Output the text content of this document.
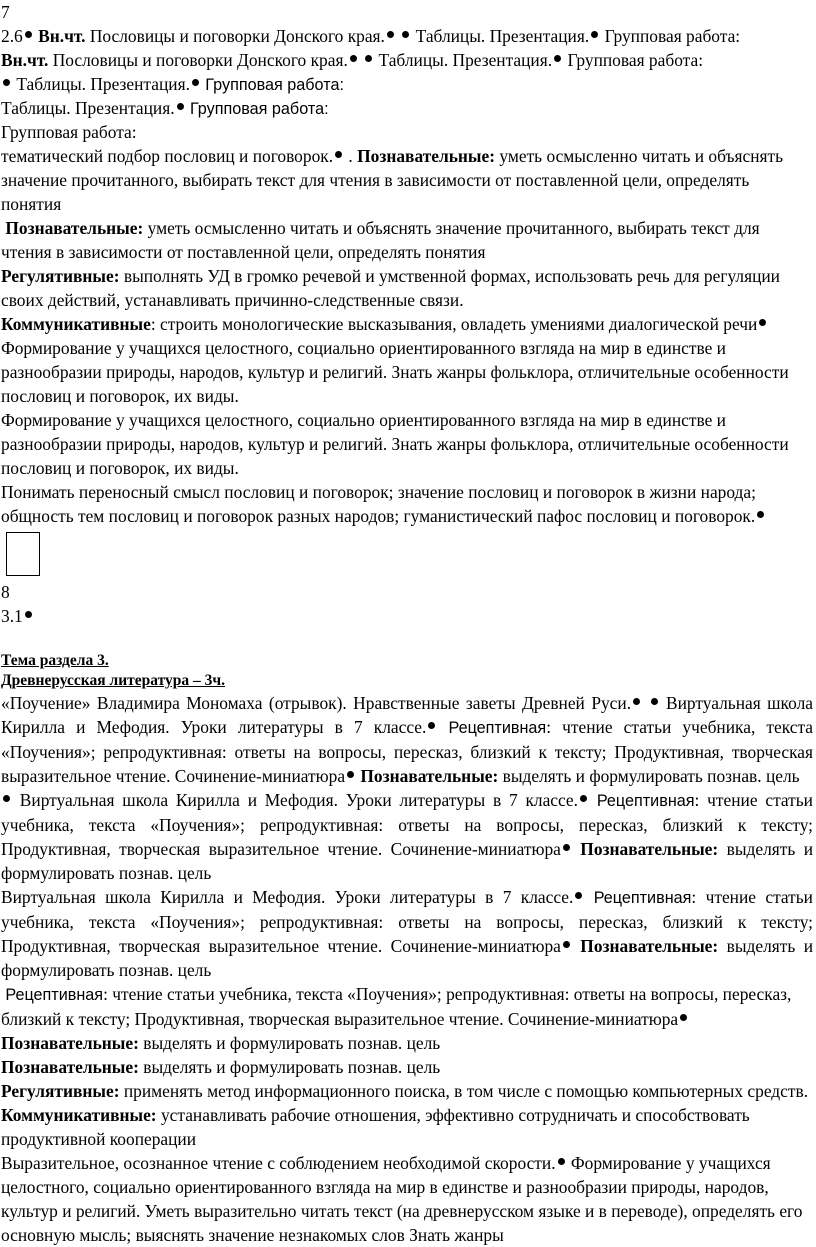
7
2.6 Вн.чт. Пословицы и поговорки Донского края. Таблицы. Презентация. Групповая работа:
Вн.чт. Пословицы и поговорки Донского края. Таблицы. Презентация. Групповая работа:
Таблицы. Презентация. Групповая работа:
Таблицы. Презентация. Групповая работа:
Групповая работа:
тематический подбор пословиц и поговорок. . Познавательные: уметь осмысленно читать и объяснять значение прочитанного, выбирать текст для чтения в зависимости от поставленной цели, определять понятия
Познавательные: уметь осмысленно читать и объяснять значение прочитанного, выбирать текст для чтения в зависимости от поставленной цели, определять понятия
Регулятивные: выполнять УД в громко речевой и умственной формах, использовать речь для регуляции своих действий, устанавливать причинно-следственные связи.
Коммуникативные: строить монологические высказывания, овладеть умениями диалогической речи Формирование у учащихся целостного, социально ориентированного взгляда на мир в единстве и разнообразии природы, народов, культур и религий. Знать жанры фольклора, отличительные особенности пословиц и поговорок, их виды.
Формирование у учащихся целостного, социально ориентированного взгляда на мир в единстве и разнообразии природы, народов, культур и религий. Знать жанры фольклора, отличительные особенности пословиц и поговорок, их виды.
Понимать переносный смысл пословиц и поговорок; значение пословиц и поговорок в жизни народа; общность тем пословиц и поговорок разных народов; гуманистический пафос пословиц и поговорок.
8
3.1
Тема раздела 3.
Древнерусская литература – 3ч.
«Поучение» Владимира Мономаха (отрывок). Нравственные заветы Древней Руси. Виртуальная школа Кирилла и Мефодия. Уроки литературы в 7 классе. Рецептивная: чтение статьи учебника, текста «Поучения»; репродуктивная: ответы на вопросы, пересказ, близкий к тексту; Продуктивная, творческая выразительное чтение. Сочинение-миниатюра Познавательные: выделять и формулировать познав. цель
Виртуальная школа Кирилла и Мефодия. Уроки литературы в 7 классе. Рецептивная: чтение статьи учебника, текста «Поучения»; репродуктивная: ответы на вопросы, пересказ, близкий к тексту; Продуктивная, творческая выразительное чтение. Сочинение-миниатюра Познавательные: выделять и формулировать познав. цель
Виртуальная школа Кирилла и Мефодия. Уроки литературы в 7 классе. Рецептивная: чтение статьи учебника, текста «Поучения»; репродуктивная: ответы на вопросы, пересказ, близкий к тексту; Продуктивная, творческая выразительное чтение. Сочинение-миниатюра Познавательные: выделять и формулировать познав. цель
Рецептивная: чтение статьи учебника, текста «Поучения»; репродуктивная: ответы на вопросы, пересказ, близкий к тексту; Продуктивная, творческая выразительное чтение. Сочинение-миниатюра Познавательные: выделять и формулировать познав. цель
Познавательные: выделять и формулировать познав. цель
Регулятивные: применять метод информационного поиска, в том числе с помощью компьютерных средств.
Коммуникативные: устанавливать рабочие отношения, эффективно сотрудничать и способствовать продуктивной кооперации
Выразительное, осознанное чтение с соблюдением необходимой скорости. Формирование у учащихся целостного, социально ориентированного взгляда на мир в единстве и разнообразии природы, народов, культур и религий. Уметь выразительно читать текст (на древнерусском языке и в переводе), определять его основную мысль; выяснять значение незнакомых слов Знать жанры
